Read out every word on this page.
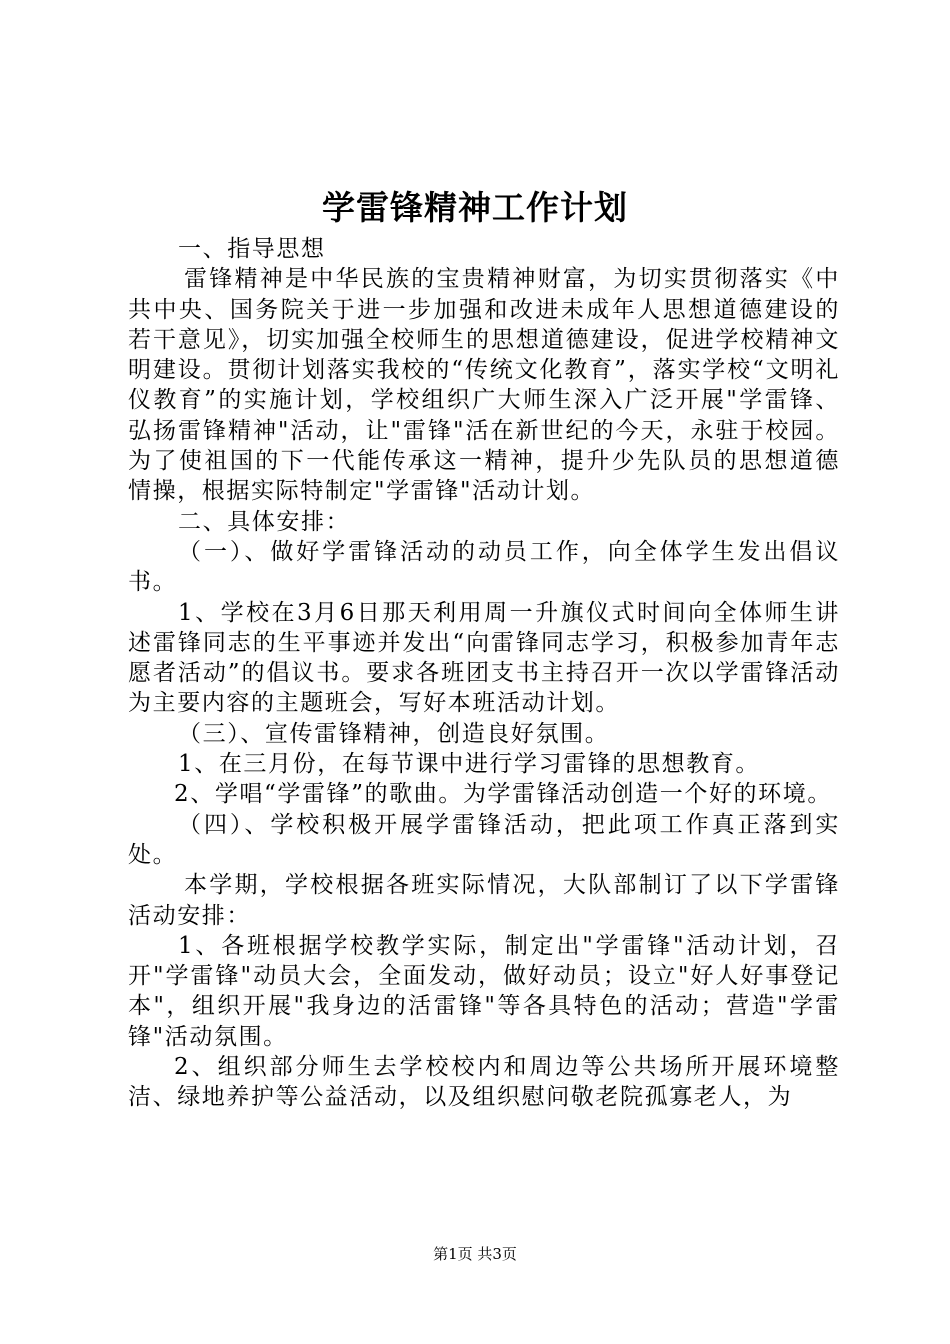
学雷锋精神工作计划

一、指导思想

雷锋精神是中华民族的宝贵精神财富，为切实贯彻落实《中共中央、国务院关于进一步加强和改进未成年人思想道德建设的若干意见》，切实加强全校师生的思想道德建设，促进学校精神文明建设。贯彻计划落实我校的“传统文化教育”，落实学校“文明礼仪教育”的实施计划，学校组织广大师生深入广泛开展"学雷锋、弘扬雷锋精神"活动，让"雷锋"活在新世纪的今天，永驻于校园。为了使祖国的下一代能传承这一精神，提升少先队员的思想道德情操，根据实际特制定"学雷锋"活动计划。

二、具体安排：

（一）、做好学雷锋活动的动员工作，向全体学生发出倡议书。

1、学校在3月6日那天利用周一升旗仪式时间向全体师生讲述雷锋同志的生平事迹并发出“向雷锋同志学习，积极参加青年志愿者活动”的倡议书。要求各班团支书主持召开一次以学雷锋活动为主要内容的主题班会，写好本班活动计划。

（三）、宣传雷锋精神，创造良好氛围。

1、在三月份，在每节课中进行学习雷锋的思想教育。

2、学唱“学雷锋”的歌曲。为学雷锋活动创造一个好的环境。

（四）、学校积极开展学雷锋活动，把此项工作真正落到实处。

本学期，学校根据各班实际情况，大队部制订了以下学雷锋活动安排：

1、各班根据学校教学实际，制定出"学雷锋"活动计划，召开"学雷锋"动员大会，全面发动，做好动员；设立"好人好事登记本"，组织开展"我身边的活雷锋"等各具特色的活动；营造"学雷锋"活动氛围。

2、组织部分师生去学校校内和周边等公共场所开展环境整洁、绿地养护等公益活动，以及组织慰问敬老院孤寡老人，为

第1页 共3页
